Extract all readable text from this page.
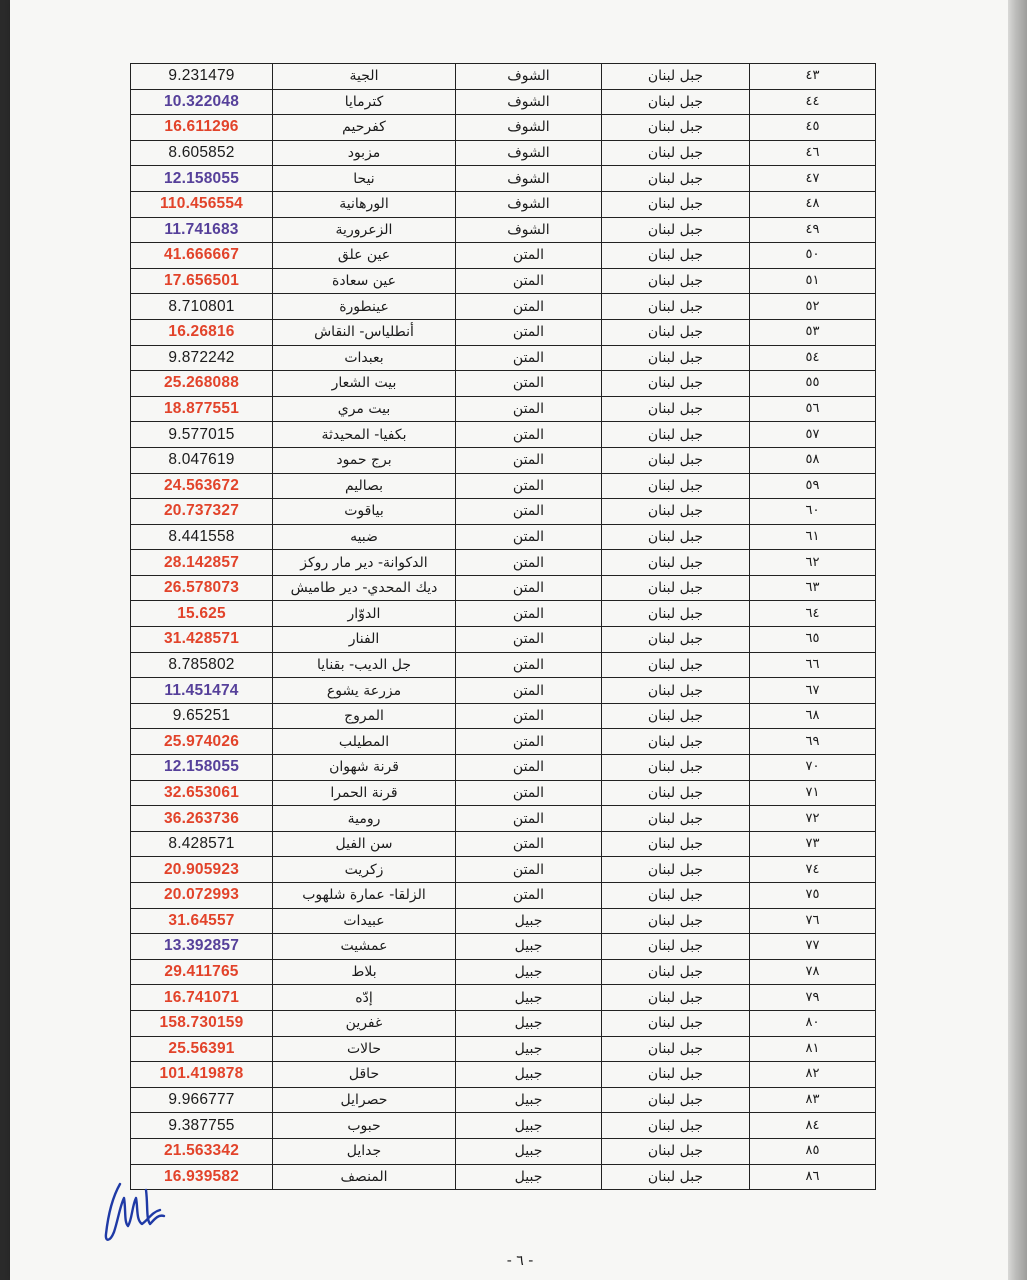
9.231479	الجية	الشوف	جبل لبنان	٤٣
10.322048	كترمايا	الشوف	جبل لبنان	٤٤
16.611296	كفرحيم	الشوف	جبل لبنان	٤٥
8.605852	مزبود	الشوف	جبل لبنان	٤٦
12.158055	نيحا	الشوف	جبل لبنان	٤٧
110.456554	الورهانية	الشوف	جبل لبنان	٤٨
11.741683	الزعرورية	الشوف	جبل لبنان	٤٩
41.666667	عين علق	المتن	جبل لبنان	٥٠
17.656501	عين سعادة	المتن	جبل لبنان	٥١
8.710801	عينطورة	المتن	جبل لبنان	٥٢
16.26816	أنطلياس- النقاش	المتن	جبل لبنان	٥٣
9.872242	بعبدات	المتن	جبل لبنان	٥٤
25.268088	بيت الشعار	المتن	جبل لبنان	٥٥
18.877551	بيت مري	المتن	جبل لبنان	٥٦
9.577015	بكفيا- المحيدثة	المتن	جبل لبنان	٥٧
8.047619	برج حمود	المتن	جبل لبنان	٥٨
24.563672	بصاليم	المتن	جبل لبنان	٥٩
20.737327	بياقوت	المتن	جبل لبنان	٦٠
8.441558	ضبيه	المتن	جبل لبنان	٦١
28.142857	الدكوانة- دير مار روكز	المتن	جبل لبنان	٦٢
26.578073	ديك المحدي- دير طاميش	المتن	جبل لبنان	٦٣
15.625	الدوّار	المتن	جبل لبنان	٦٤
31.428571	الفنار	المتن	جبل لبنان	٦٥
8.785802	جل الديب- بقنايا	المتن	جبل لبنان	٦٦
11.451474	مزرعة يشوع	المتن	جبل لبنان	٦٧
9.65251	المروج	المتن	جبل لبنان	٦٨
25.974026	المطيلب	المتن	جبل لبنان	٦٩
12.158055	قرنة شهوان	المتن	جبل لبنان	٧٠
32.653061	قرنة الحمرا	المتن	جبل لبنان	٧١
36.263736	رومية	المتن	جبل لبنان	٧٢
8.428571	سن الفيل	المتن	جبل لبنان	٧٣
20.905923	زكريت	المتن	جبل لبنان	٧٤
20.072993	الزلقا- عمارة شلهوب	المتن	جبل لبنان	٧٥
31.64557	عبيدات	جبيل	جبل لبنان	٧٦
13.392857	عمشيت	جبيل	جبل لبنان	٧٧
29.411765	بلاط	جبيل	جبل لبنان	٧٨
16.741071	إدّه	جبيل	جبل لبنان	٧٩
158.730159	غفرين	جبيل	جبل لبنان	٨٠
25.56391	حالات	جبيل	جبل لبنان	٨١
101.419878	حاقل	جبيل	جبل لبنان	٨٢
9.966777	حصرايل	جبيل	جبل لبنان	٨٣
9.387755	حبوب	جبيل	جبل لبنان	٨٤
21.563342	جدايل	جبيل	جبل لبنان	٨٥
16.939582	المنصف	جبيل	جبل لبنان	٨٦
- ٦ -
